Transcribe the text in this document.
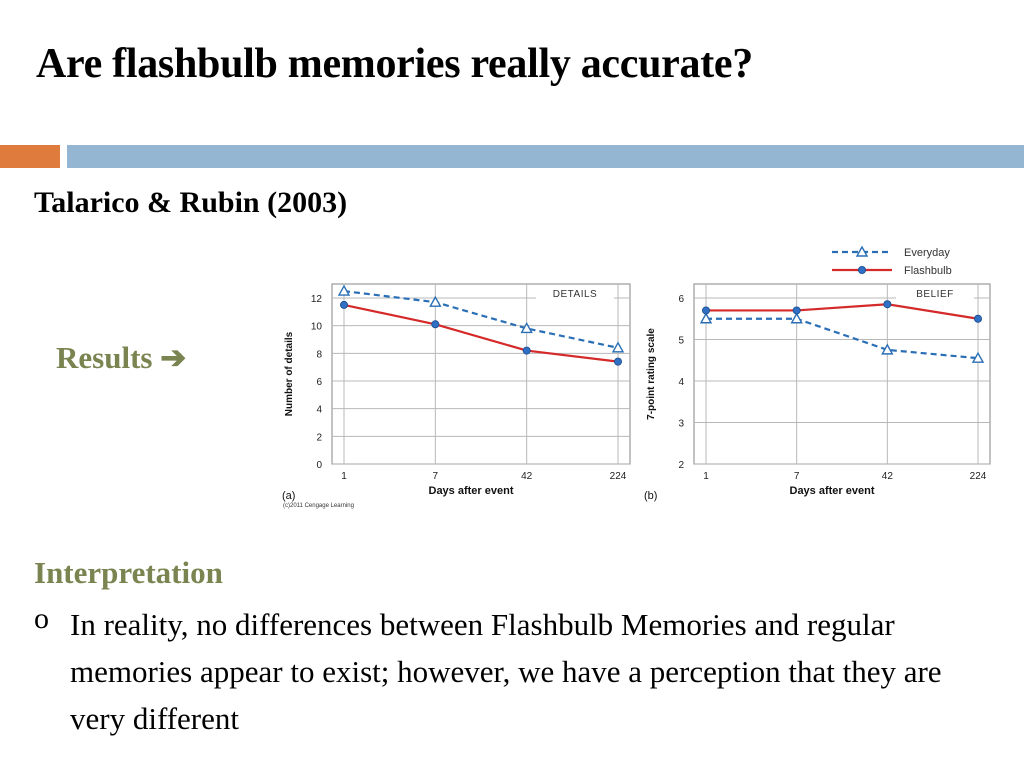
Are flashbulb memories really accurate?
Talarico & Rubin (2003)
Results ➔
0
2
4
6
8
10
12
1	7	42	224
DETAILS
Days after event
Number of details
(a)
2
3
4
5
6
1	7	42	224
BELIEF
Days after event
7-point rating scale
(b)
Everyday
Flashbulb
(c)2011 Cengage Learning
Interpretation
o In reality, no differences between Flashbulb Memories and regular memories appear to exist; however, we have a perception that they are very different
